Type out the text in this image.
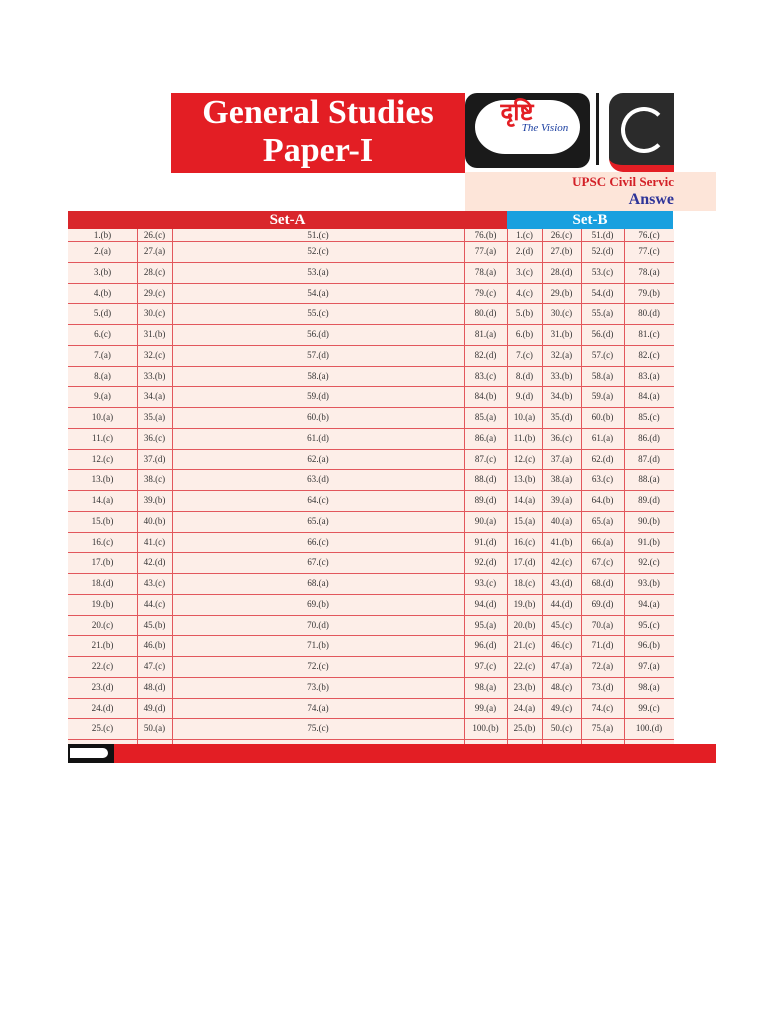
General Studies
Paper-I
दृष्टि
The Vision
UPSC Civil Servic
Answe
Set-A	Set-B
1.(b)	26.(c)	51.(c)	76.(b)	1.(c)	26.(c)	51.(d)	76.(c)
2.(a)	27.(a)	52.(c)	77.(a)	2.(d)	27.(b)	52.(d)	77.(c)
3.(b)	28.(c)	53.(a)	78.(a)	3.(c)	28.(d)	53.(c)	78.(a)
4.(b)	29.(c)	54.(a)	79.(c)	4.(c)	29.(b)	54.(d)	79.(b)
5.(d)	30.(c)	55.(c)	80.(d)	5.(b)	30.(c)	55.(a)	80.(d)
6.(c)	31.(b)	56.(d)	81.(a)	6.(b)	31.(b)	56.(d)	81.(c)
7.(a)	32.(c)	57.(d)	82.(d)	7.(c)	32.(a)	57.(c)	82.(c)
8.(a)	33.(b)	58.(a)	83.(c)	8.(d)	33.(b)	58.(a)	83.(a)
9.(a)	34.(a)	59.(d)	84.(b)	9.(d)	34.(b)	59.(a)	84.(a)
10.(a)	35.(a)	60.(b)	85.(a)	10.(a)	35.(d)	60.(b)	85.(c)
11.(c)	36.(c)	61.(d)	86.(a)	11.(b)	36.(c)	61.(a)	86.(d)
12.(c)	37.(d)	62.(a)	87.(c)	12.(c)	37.(a)	62.(d)	87.(d)
13.(b)	38.(c)	63.(d)	88.(d)	13.(b)	38.(a)	63.(c)	88.(a)
14.(a)	39.(b)	64.(c)	89.(d)	14.(a)	39.(a)	64.(b)	89.(d)
15.(b)	40.(b)	65.(a)	90.(a)	15.(a)	40.(a)	65.(a)	90.(b)
16.(c)	41.(c)	66.(c)	91.(d)	16.(c)	41.(b)	66.(a)	91.(b)
17.(b)	42.(d)	67.(c)	92.(d)	17.(d)	42.(c)	67.(c)	92.(c)
18.(d)	43.(c)	68.(a)	93.(c)	18.(c)	43.(d)	68.(d)	93.(b)
19.(b)	44.(c)	69.(b)	94.(d)	19.(b)	44.(d)	69.(d)	94.(a)
20.(c)	45.(b)	70.(d)	95.(a)	20.(b)	45.(c)	70.(a)	95.(c)
21.(b)	46.(b)	71.(b)	96.(d)	21.(c)	46.(c)	71.(d)	96.(b)
22.(c)	47.(c)	72.(c)	97.(c)	22.(c)	47.(a)	72.(a)	97.(a)
23.(d)	48.(d)	73.(b)	98.(a)	23.(b)	48.(c)	73.(d)	98.(a)
24.(d)	49.(d)	74.(a)	99.(a)	24.(a)	49.(c)	74.(c)	99.(c)
25.(c)	50.(a)	75.(c)	100.(b)	25.(b)	50.(c)	75.(a)	100.(d)
